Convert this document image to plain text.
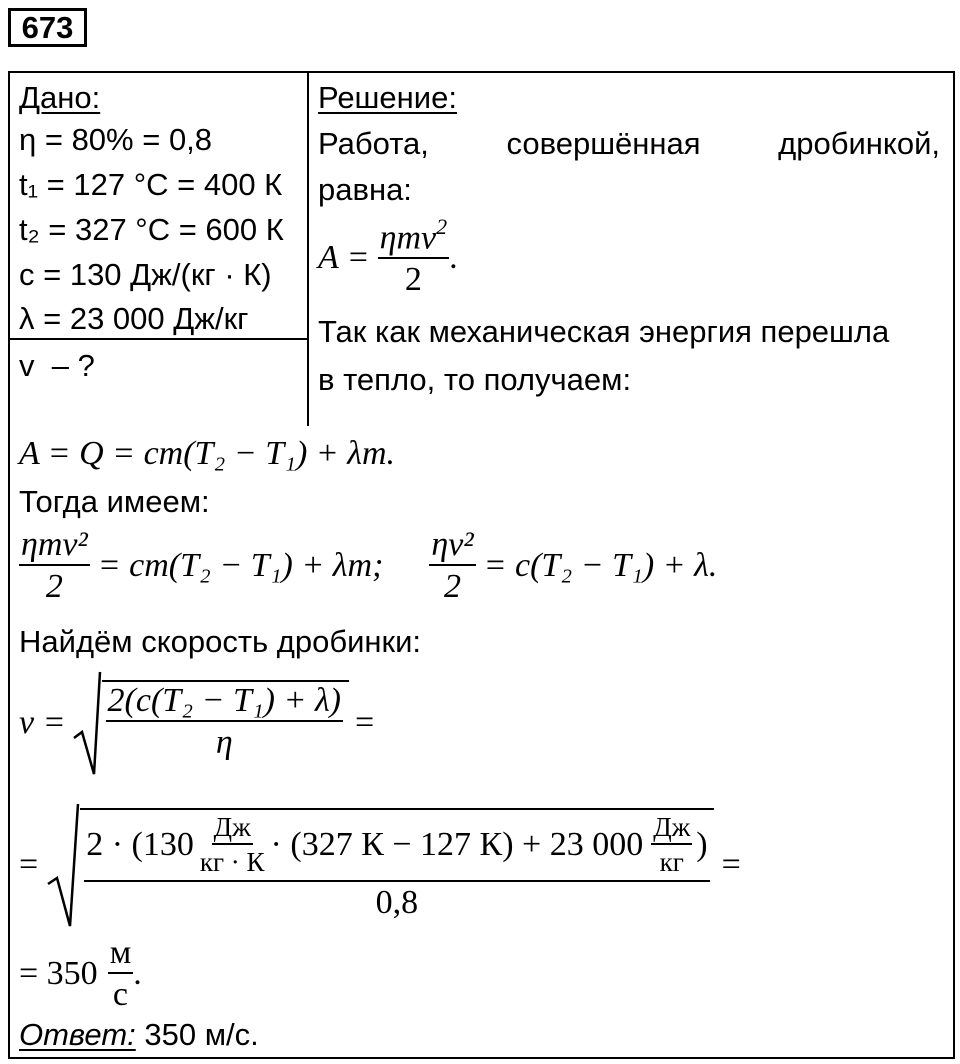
673
Дано:
η = 80% = 0,8
t₁ = 127 °C = 400 К
t₂ = 327 °C = 600 К
c = 130 Дж/(кг · К)
λ = 23 000 Дж/кг
v  – ?
Решение:
Работа,	совершённая	дробинкой,
равна:
$A = \frac{\eta mv^2}{2}$ .
Так как механическая энергия перешла
в тепло, то получаем:
A = Q = cm(T₂ − T₁) + λm.
Тогда имеем:
$\frac{\text{ηmv²}}{2} = cm(T_2 - T_1) + \lambda m$; $\frac{\text{ηv²}}{2} = c(T_2 - T_1) + \lambda$.
Найдём скорость дробинки:
$v = \frac{\text{2(c(T₂ − T₁) + λ)}}{\eta}$ =
=
$2 \cdot (130 \frac{Дж}{кг \cdot К} \cdot (327$ К − 127 К) + 23 $000 \frac{Дж}{кг}$ )
0,8
=
= $350 \frac{м}{с}$ .
Ответ: 350 м/с.
